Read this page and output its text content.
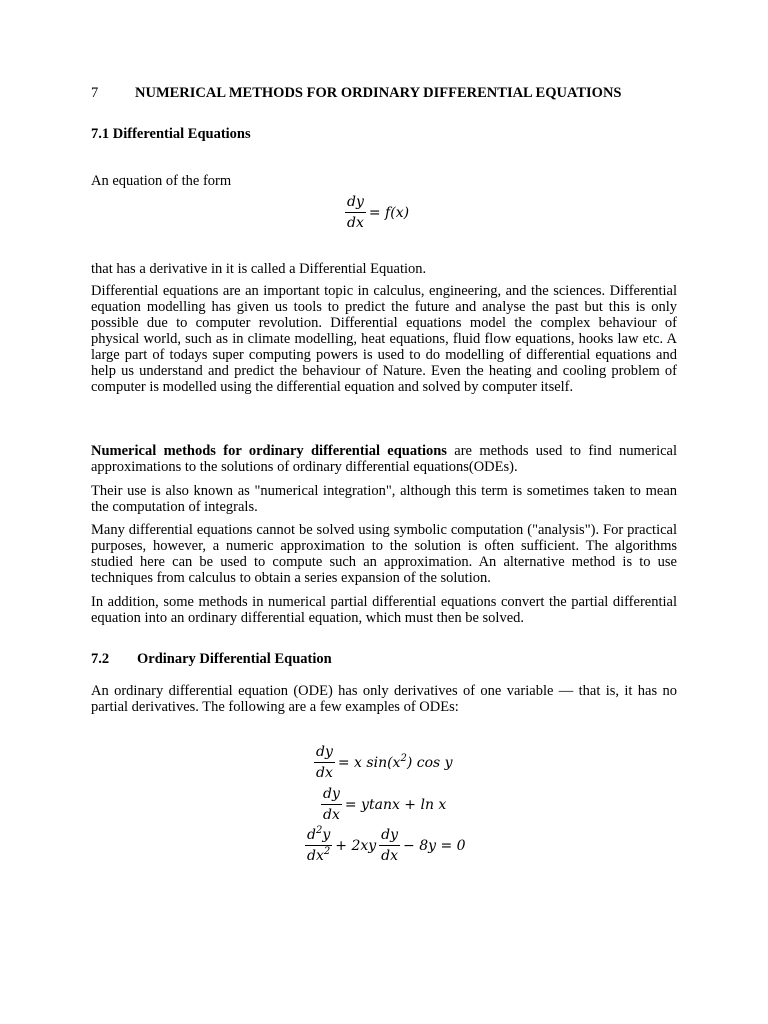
7	NUMERICAL METHODS FOR ORDINARY DIFFERENTIAL EQUATIONS
7.1 Differential Equations
An equation of the form
$\frac{dy}{dx} = f(x)$
that has a derivative in it is called a Differential Equation.

Differential equations are an important topic in calculus, engineering, and the sciences. Differential equation modelling has given us tools to predict the future and analyse the past but this is only possible due to computer revolution. Differential equations model the complex behaviour of physical world, such as in climate modelling, heat equations, fluid flow equations, hooks law etc. A large part of todays super computing powers is used to do modelling of differential equations and help us understand and predict the behaviour of Nature. Even the heating and cooling problem of computer is modelled using the differential equation and solved by computer itself.

Numerical methods for ordinary differential equations are methods used to find numerical approximations to the solutions of ordinary differential equations(ODEs).

Their use is also known as "numerical integration", although this term is sometimes taken to mean the computation of integrals.

Many differential equations cannot be solved using symbolic computation ("analysis"). For practical purposes, however, a numeric approximation to the solution is often sufficient. The algorithms studied here can be used to compute such an approximation. An alternative method is to use techniques from calculus to obtain a series expansion of the solution.

In addition, some methods in numerical partial differential equations convert the partial differential equation into an ordinary differential equation, which must then be solved.

7.2 Ordinary Differential Equation

An ordinary differential equation (ODE) has only derivatives of one variable — that is, it has no partial derivatives. The following are a few examples of ODEs:

$\frac{dy}{dx} = x$ $\sin(x^2)$ cos y
$\frac{dy}{dx} = ytanx + \ln x$
$\frac{d^2y}{dx^2} + 2xy \frac{dy}{dx} - 8y = 0$
